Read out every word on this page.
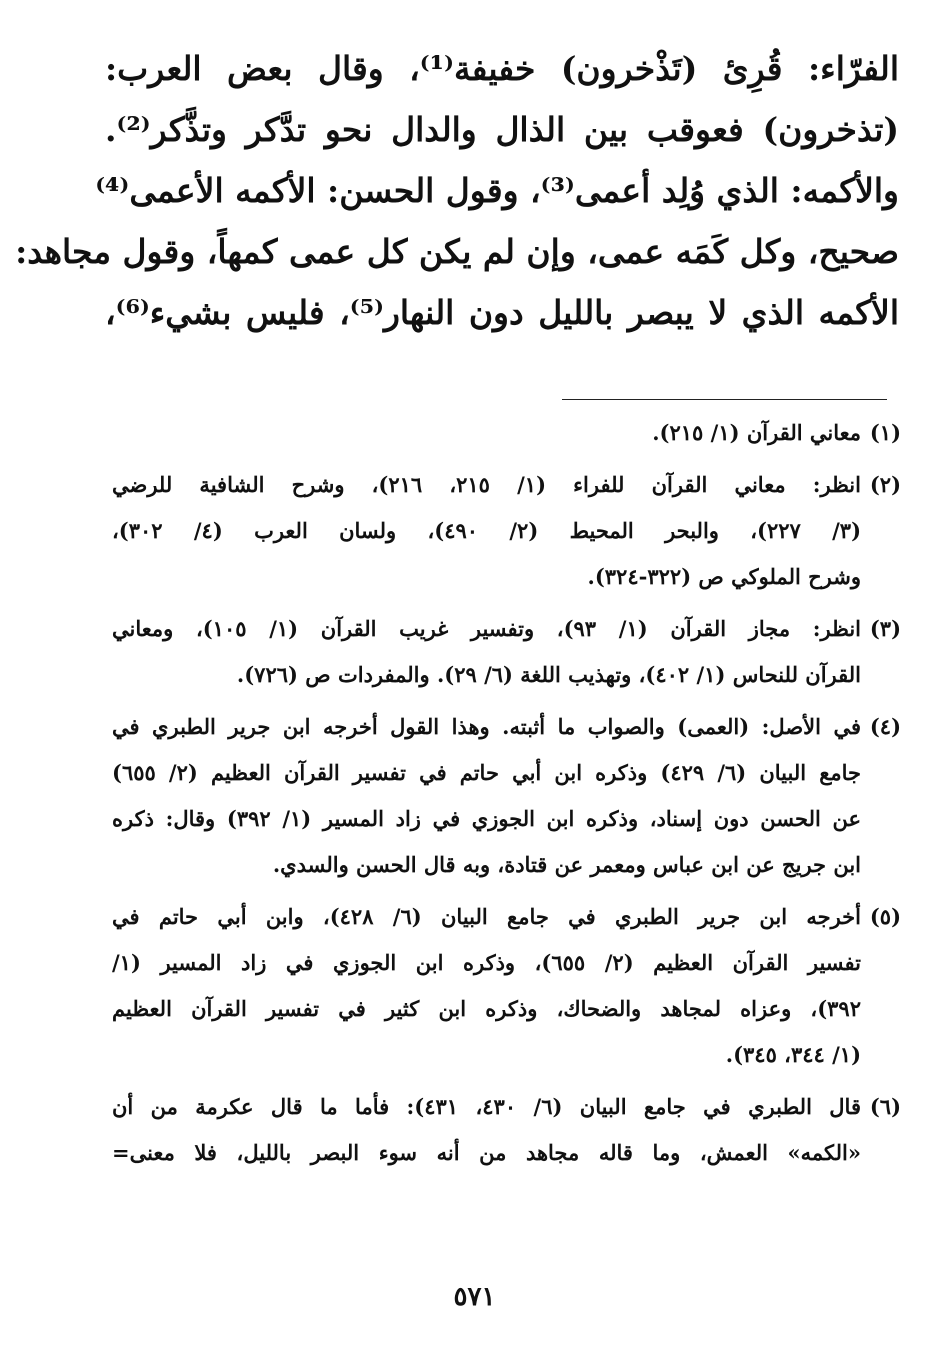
الفرّاء: قُرِئ (تَذْخرون) خفيفة⁽¹⁾، وقال بعض العرب:
(تذخرون) فعوقب بين الذال والدال نحو تدَّكر وتذَّكر⁽²⁾.
والأكمه: الذي وُلِد أعمى⁽³⁾، وقول الحسن: الأكمه الأعمى⁽⁴⁾
صحيح، وكل كَمَه عمى، وإن لم يكن كل عمى كمهاً، وقول مجاهد:
الأكمه الذي لا يبصر بالليل دون النهار⁽⁵⁾، فليس بشيء⁽⁶⁾،
(١)
معاني القرآن (١/ ٢١٥).
(٢)
انظر: معاني القرآن للفراء (١/ ٢١٥، ٢١٦)، وشرح الشافية للرضي
(٣/ ٢٢٧)، والبحر المحيط (٢/ ٤٩٠)، ولسان العرب (٤/ ٣٠٢)،
وشرح الملوكي ص (٣٢٢-٣٢٤).
(٣)
انظر: مجاز القرآن (١/ ٩٣)، وتفسير غريب القرآن (١/ ١٠٥)، ومعاني
القرآن للنحاس (١/ ٤٠٢)، وتهذيب اللغة (٦/ ٢٩). والمفردات ص (٧٢٦).
(٤)
في الأصل: (العمى) والصواب ما أثبته. وهذا القول أخرجه ابن جرير الطبري في
جامع البيان (٦/ ٤٢٩) وذكره ابن أبي حاتم في تفسير القرآن العظيم (٢/ ٦٥٥)
عن الحسن دون إسناد، وذكره ابن الجوزي في زاد المسير (١/ ٣٩٢) وقال: ذكره
ابن جريج عن ابن عباس ومعمر عن قتادة، وبه قال الحسن والسدي.
(٥)
أخرجه ابن جرير الطبري في جامع البيان (٦/ ٤٢٨)، وابن أبي حاتم في
تفسير القرآن العظيم (٢/ ٦٥٥)، وذكره ابن الجوزي في زاد المسير (١/
٣٩٢)، وعزاه لمجاهد والضحاك، وذكره ابن كثير في تفسير القرآن العظيم
(١/ ٣٤٤، ٣٤٥).
(٦)
قال الطبري في جامع البيان (٦/ ٤٣٠، ٤٣١): فأما ما قال عكرمة من أن
«الكمه» العمش، وما قاله مجاهد من أنه سوء البصر بالليل، فلا معنى=
٥٧١
